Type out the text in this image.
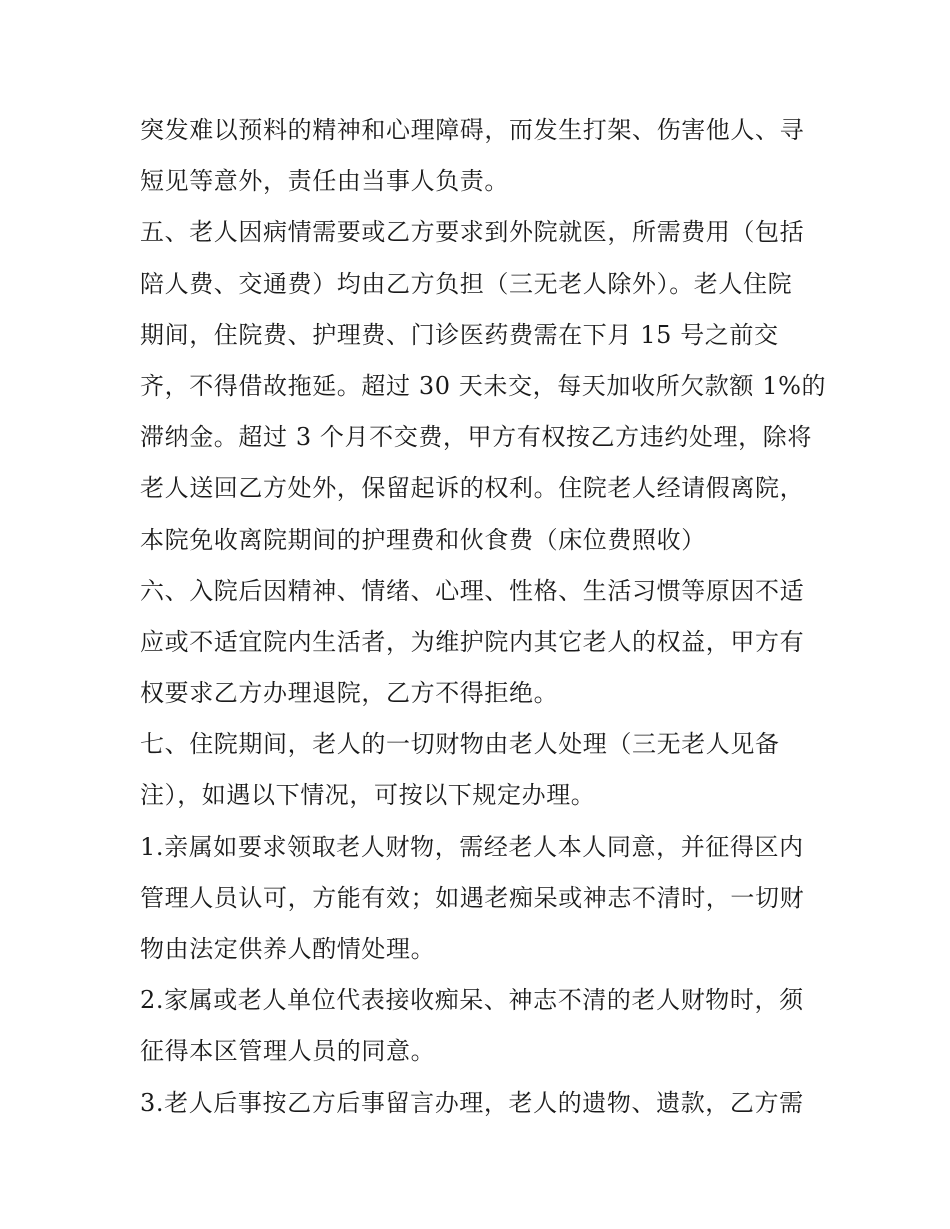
突发难以预料的精神和心理障碍，而发生打架、伤害他人、寻
短见等意外，责任由当事人负责。
五、老人因病情需要或乙方要求到外院就医，所需费用（包括
陪人费、交通费）均由乙方负担（三无老人除外）。老人住院
期间，住院费、护理费、门诊医药费需在下月 15 号之前交
齐，不得借故拖延。超过 30 天未交，每天加收所欠款额 1%的
滞纳金。超过 3 个月不交费，甲方有权按乙方违约处理，除将
老人送回乙方处外，保留起诉的权利。住院老人经请假离院，
本院免收离院期间的护理费和伙食费（床位费照收）
六、入院后因精神、情绪、心理、性格、生活习惯等原因不适
应或不适宜院内生活者，为维护院内其它老人的权益，甲方有
权要求乙方办理退院，乙方不得拒绝。
七、住院期间，老人的一切财物由老人处理（三无老人见备
注），如遇以下情况，可按以下规定办理。
1.亲属如要求领取老人财物，需经老人本人同意，并征得区内
管理人员认可，方能有效；如遇老痴呆或神志不清时，一切财
物由法定供养人酌情处理。
2.家属或老人单位代表接收痴呆、神志不清的老人财物时，须
征得本区管理人员的同意。
3.老人后事按乙方后事留言办理，老人的遗物、遗款，乙方需
